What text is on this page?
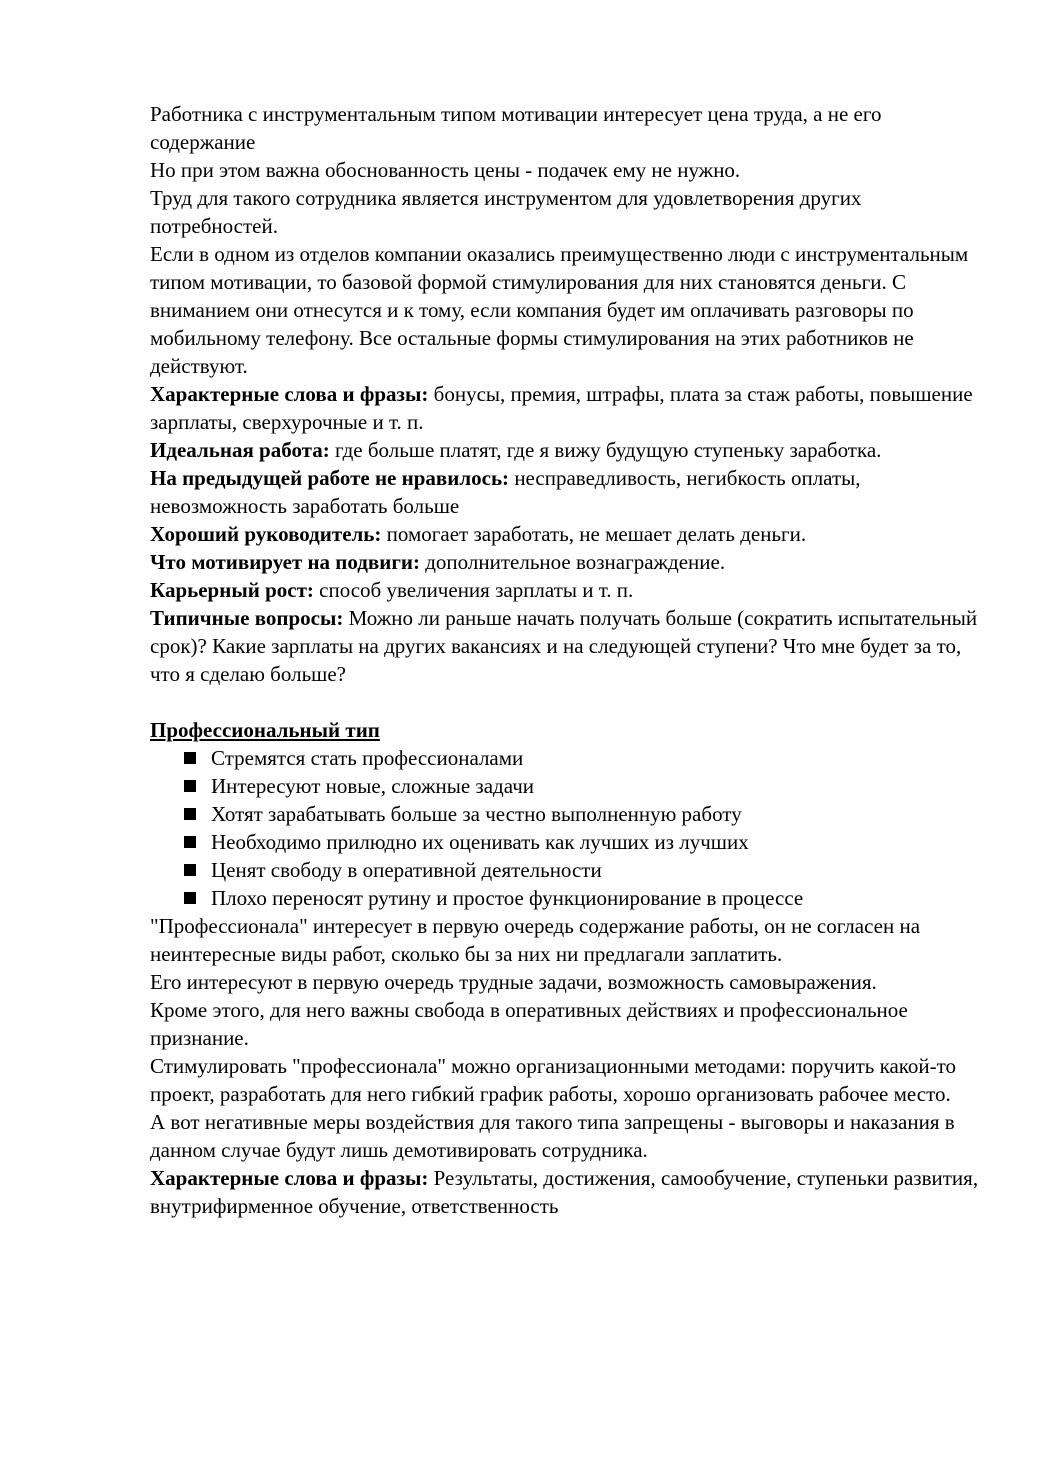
Работника с инструментальным типом мотивации интересует цена труда, а не его содержание

Но при этом важна обоснованность цены - подачек ему не нужно.

Труд для такого сотрудника является инструментом для удовлетворения других потребностей.

Если в одном из отделов компании оказались преимущественно люди с инструментальным типом мотивации, то базовой формой стимулирования для них становятся деньги. С вниманием они отнесутся и к тому, если компания будет им оплачивать разговоры по мобильному телефону. Все остальные формы стимулирования на этих работников не действуют.

Характерные слова и фразы: бонусы, премия, штрафы, плата за стаж работы, повышение зарплаты, сверхурочные и т. п.

Идеальная работа: где больше платят, где я вижу будущую ступеньку заработка.

На предыдущей работе не нравилось: несправедливость, негибкость оплаты, невозможность заработать больше

Хороший руководитель: помогает заработать, не мешает делать деньги.

Что мотивирует на подвиги: дополнительное вознаграждение.

Карьерный рост: способ увеличения зарплаты и т. п.

Типичные вопросы: Можно ли раньше начать получать больше (сократить испытательный срок)? Какие зарплаты на других вакансиях и на следующей ступени? Что мне будет за то, что я сделаю больше?

Профессиональный тип

Стремятся стать профессионалами
Интересуют новые, сложные задачи
Хотят зарабатывать больше за честно выполненную работу
Необходимо прилюдно их оценивать как лучших из лучших
Ценят свободу в оперативной деятельности
Плохо переносят рутину и простое функционирование в процессе

"Профессионала" интересует в первую очередь содержание работы, он не согласен на неинтересные виды работ, сколько бы за них ни предлагали заплатить.

Его интересуют в первую очередь трудные задачи, возможность самовыражения.

Кроме этого, для него важны свобода в оперативных действиях и профессиональное признание.

Стимулировать "профессионала" можно организационными методами: поручить какой-то проект, разработать для него гибкий график работы, хорошо организовать рабочее место.

А вот негативные меры воздействия для такого типа запрещены - выговоры и наказания в данном случае будут лишь демотивировать сотрудника.

Характерные слова и фразы: Результаты, достижения, самообучение, ступеньки развития, внутрифирменное обучение, ответственность
